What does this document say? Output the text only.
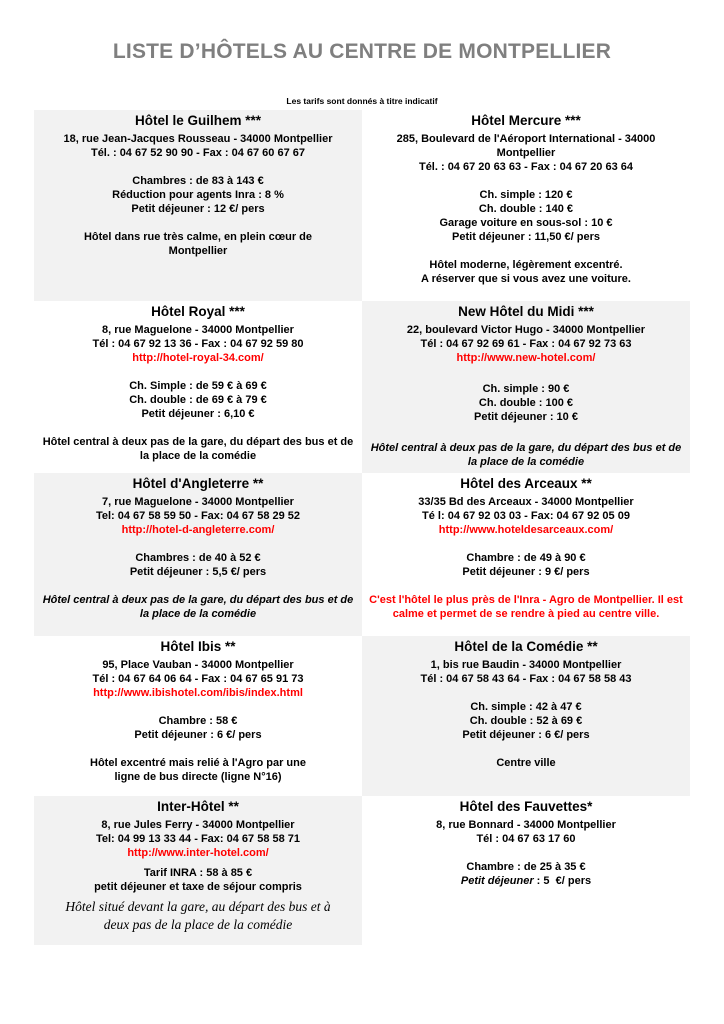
LISTE D’HÔTELS AU CENTRE DE MONTPELLIER
Les tarifs sont donnés à titre indicatif
Hôtel le Guilhem ***
18, rue Jean-Jacques Rousseau - 34000 Montpellier
Tél. : 04 67 52 90 90 - Fax : 04 67 60 67 67
Chambres : de 83 à 143 €
Réduction pour agents Inra : 8 %
Petit déjeuner : 12 €/ pers
Hôtel dans rue très calme, en plein cœur de Montpellier
Hôtel Mercure ***
285, Boulevard de l'Aéroport International - 34000 Montpellier
Tél. : 04 67 20 63 63 - Fax : 04 67 20 63 64
Ch. simple : 120 €
Ch. double : 140 €
Garage voiture en sous-sol : 10 €
Petit déjeuner : 11,50 €/ pers
Hôtel moderne, légèrement excentré.
A réserver que si vous avez une voiture.
Hôtel Royal ***
8, rue Maguelone - 34000 Montpellier
Tél : 04 67 92 13 36 - Fax : 04 67 92 59 80
http://hotel-royal-34.com/
Ch. Simple : de 59 € à 69 €
Ch. double : de 69 € à 79 €
Petit déjeuner : 6,10 €
Hôtel central à deux pas de la gare, du départ des bus et de la place de la comédie
New Hôtel du Midi ***
22, boulevard Victor Hugo - 34000 Montpellier
Tél : 04 67 92 69 61 - Fax : 04 67 92 73 63
http://www.new-hotel.com/
Ch. simple : 90 €
Ch. double : 100 €
Petit déjeuner : 10 €
Hôtel central à deux pas de la gare, du départ des bus et de la place de la comédie
Hôtel d'Angleterre **
7, rue Maguelone - 34000 Montpellier
Tel: 04 67 58 59 50 - Fax: 04 67 58 29 52
http://hotel-d-angleterre.com/
Chambres : de 40 à 52 €
Petit déjeuner : 5,5 €/ pers
Hôtel central à deux pas de la gare, du départ des bus et de la place de la comédie
Hôtel des Arceaux **
33/35 Bd des Arceaux - 34000 Montpellier
Té l: 04 67 92 03 03 - Fax: 04 67 92 05 09
http://www.hoteldesarceaux.com/
Chambre : de 49 à 90 €
Petit déjeuner : 9 €/ pers
C'est l'hôtel le plus près de l'Inra - Agro de Montpellier. Il est calme et permet de se rendre à pied au centre ville.
Hôtel Ibis **
95, Place Vauban - 34000 Montpellier
Tél : 04 67 64 06 64 - Fax : 04 67 65 91 73
http://www.ibishotel.com/ibis/index.html
Chambre : 58 €
Petit déjeuner : 6 €/ pers
Hôtel excentré mais relié à l'Agro par une ligne de bus directe (ligne N°16)
Hôtel de la Comédie **
1, bis rue Baudin - 34000 Montpellier
Tél : 04 67 58 43 64 - Fax : 04 67 58 58 43
Ch. simple : 42 à 47 €
Ch. double : 52 à 69 €
Petit déjeuner : 6 €/ pers
Centre ville
Inter-Hôtel **
8, rue Jules Ferry - 34000 Montpellier
Tel: 04 99 13 33 44 - Fax: 04 67 58 58 71
http://www.inter-hotel.com/
Tarif INRA : 58 à 85 €
petit déjeuner et taxe de séjour compris
Hôtel situé devant la gare, au départ des bus et à deux pas de la place de la comédie
Hôtel des Fauvettes*
8, rue Bonnard - 34000 Montpellier
Tél : 04 67 63 17 60
Chambre : de 25 à 35 €
Petit déjeuner : 5  €/ pers
